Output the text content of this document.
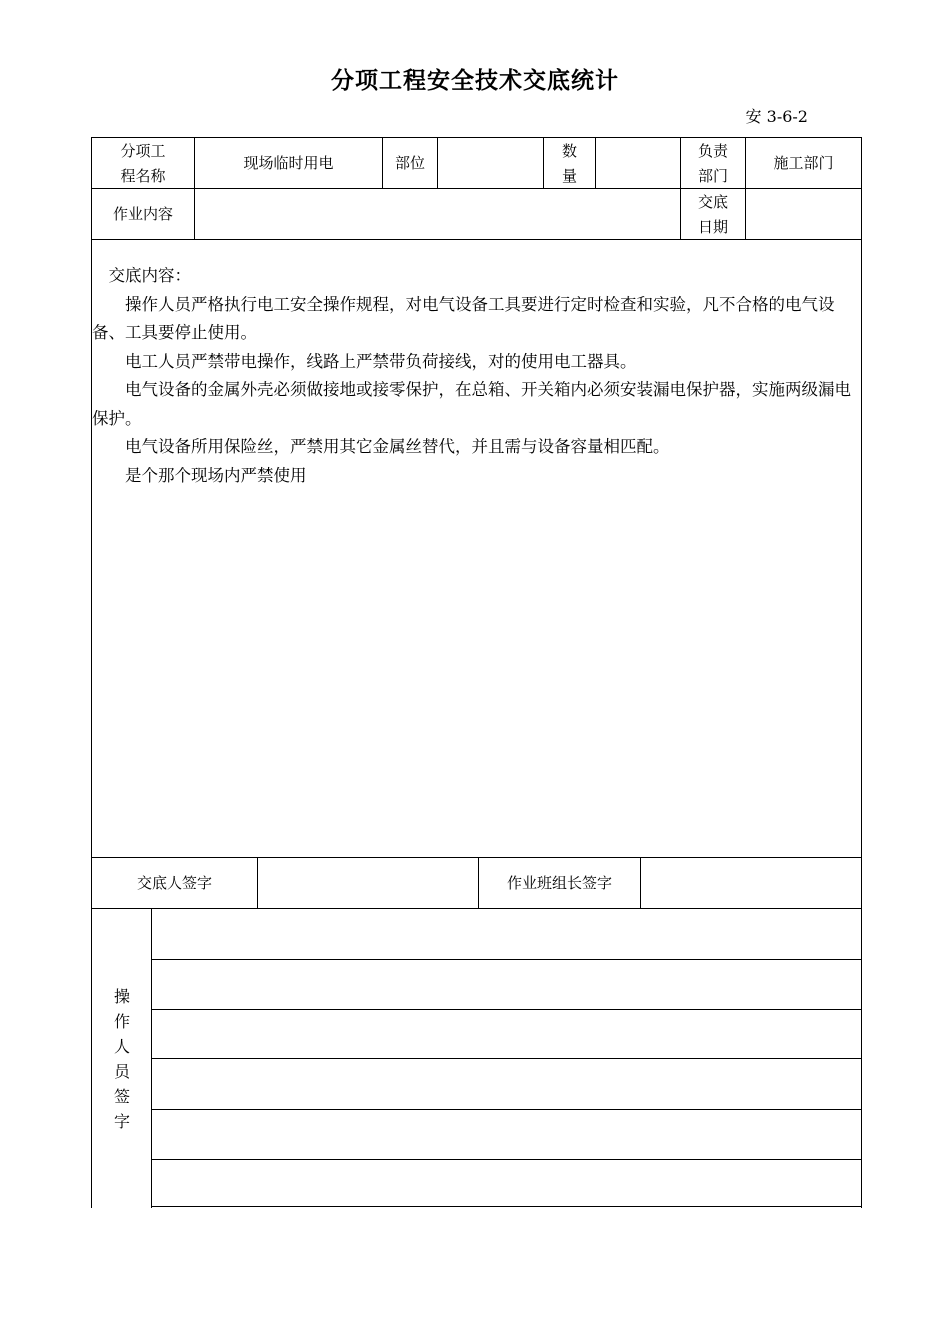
分项工程安全技术交底统计
安 3-6-2
分项工
程名称
现场临时用电	部位
数
量
负责
部门
施工部门
作业内容
交底
日期

交底内容：

操作人员严格执行电工安全操作规程，对电气设备工具要进行定时检查和实验，凡不合格的电气设备、工具要停止使用。

电工人员严禁带电操作，线路上严禁带负荷接线，对的使用电工器具。

电气设备的金属外壳必须做接地或接零保护，在总箱、开关箱内必须安装漏电保护器，实施两级漏电保护。

电气设备所用保险丝，严禁用其它金属丝替代，并且需与设备容量相匹配。

是个那个现场内严禁使用

交底人签字	作业班组长签字
操
作
人
员
签
字
